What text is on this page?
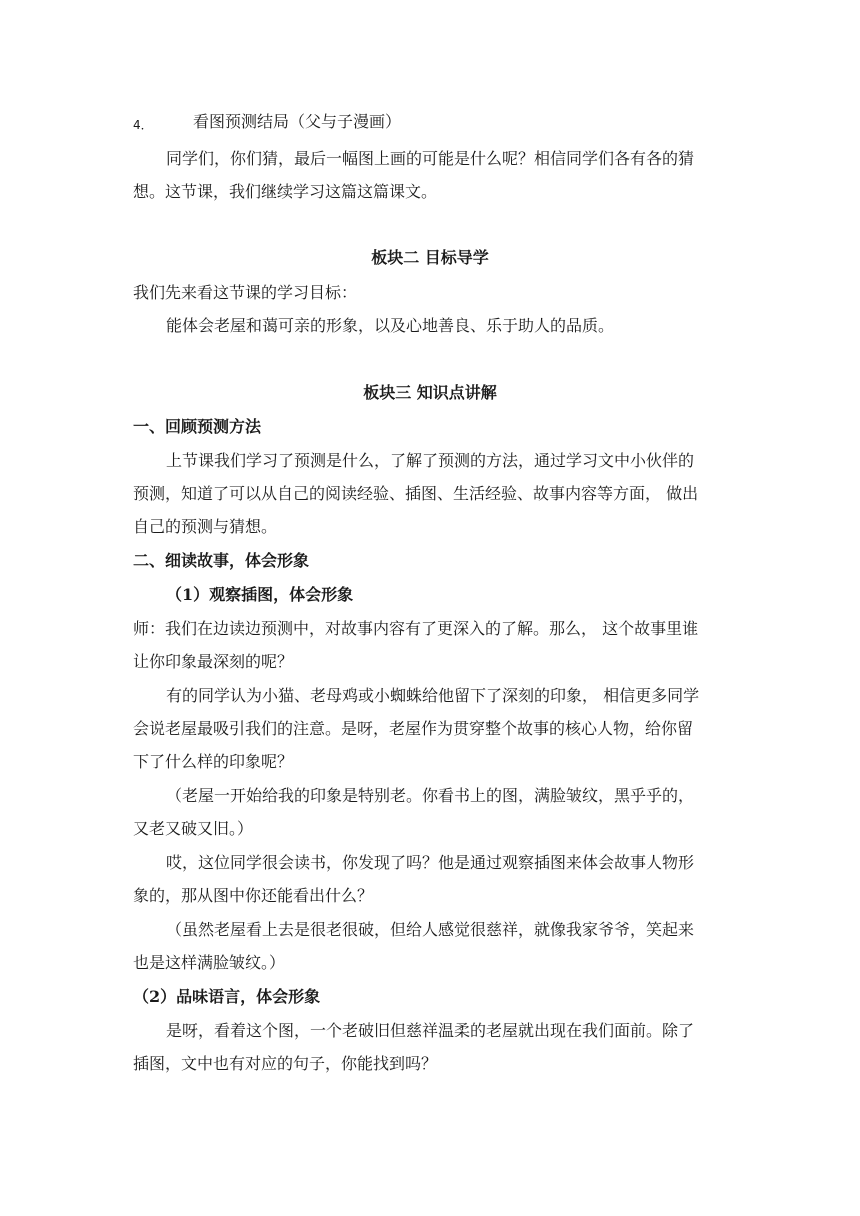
4．	看图预测结局（父与子漫画）
同学们，你们猜，最后一幅图上画的可能是什么呢？相信同学们各有各的猜
想。这节课，我们继续学习这篇这篇课文。
板块二 目标导学
我们先来看这节课的学习目标：
能体会老屋和蔼可亲的形象，以及心地善良、乐于助人的品质。
板块三 知识点讲解
一、回顾预测方法
上节课我们学习了预测是什么，了解了预测的方法，通过学习文中小伙伴的
预测，知道了可以从自己的阅读经验、插图、生活经验、故事内容等方面， 做出
自己的预测与猜想。
二、细读故事，体会形象
（1）观察插图，体会形象
师：我们在边读边预测中，对故事内容有了更深入的了解。那么， 这个故事里谁
让你印象最深刻的呢？
有的同学认为小猫、老母鸡或小蜘蛛给他留下了深刻的印象， 相信更多同学
会说老屋最吸引我们的注意。是呀，老屋作为贯穿整个故事的核心人物，给你留
下了什么样的印象呢？
（老屋一开始给我的印象是特别老。你看书上的图，满脸皱纹，黑乎乎的，
又老又破又旧。）
哎，这位同学很会读书，你发现了吗？他是通过观察插图来体会故事人物形
象的，那从图中你还能看出什么？
（虽然老屋看上去是很老很破，但给人感觉很慈祥，就像我家爷爷，笑起来
也是这样满脸皱纹。）
（2）品味语言，体会形象
是呀，看着这个图，一个老破旧但慈祥温柔的老屋就出现在我们面前。除了
插图，文中也有对应的句子，你能找到吗？
